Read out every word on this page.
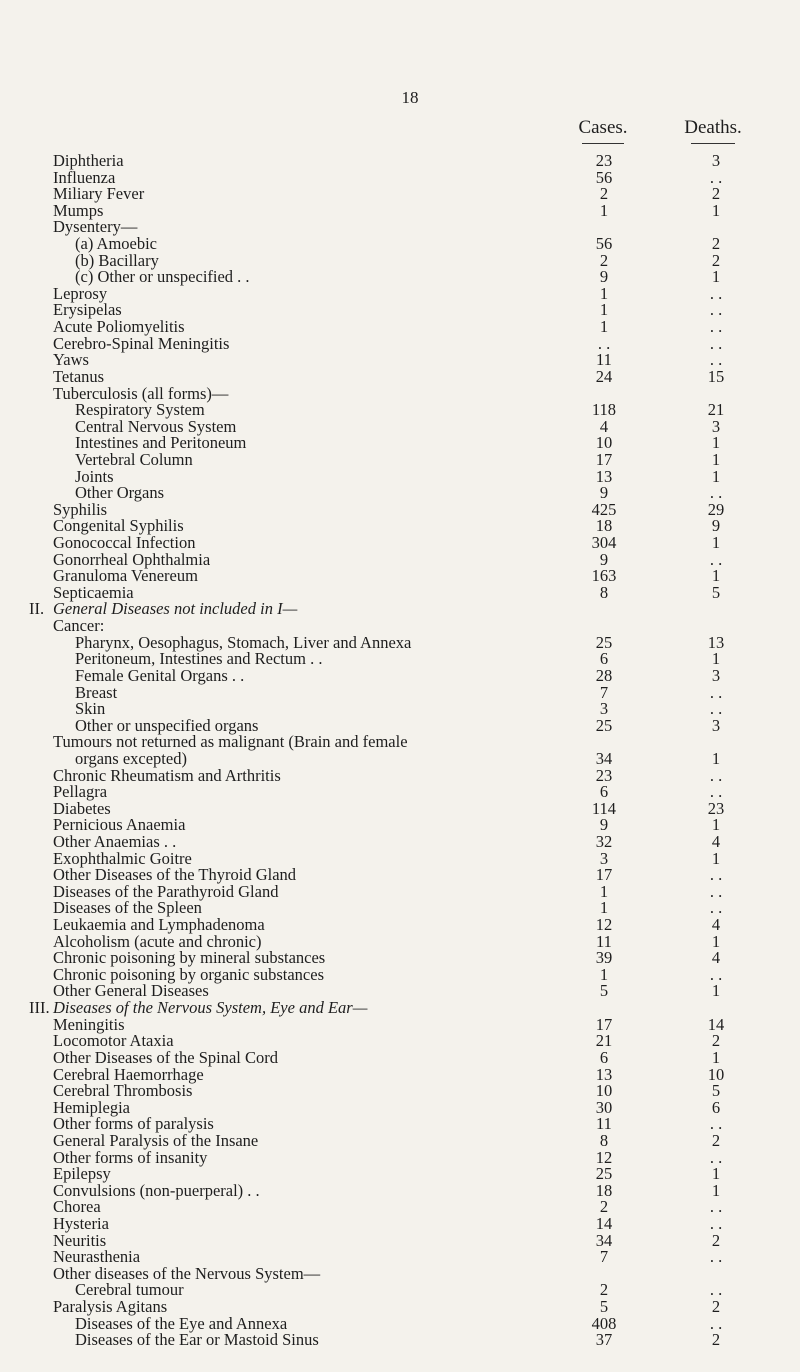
18
Cases.	Deaths.
Diphtheria	23	3
Influenza	56	. .
Miliary Fever	2	2
Mumps	1	1
Dysentery—
(a) Amoebic	56	2
(b) Bacillary	2	2
(c) Other or unspecified . .	9	1
Leprosy	1	. .
Erysipelas	1	. .
Acute Poliomyelitis	1	. .
Cerebro-Spinal Meningitis	. .	. .
Yaws	11	. .
Tetanus	24	15
Tuberculosis (all forms)—
Respiratory System	118	21
Central Nervous System	4	3
Intestines and Peritoneum	10	1
Vertebral Column	17	1
Joints	13	1
Other Organs	9	. .
Syphilis	425	29
Congenital Syphilis	18	9
Gonococcal Infection	304	1
Gonorrheal Ophthalmia	9	. .
Granuloma Venereum	163	1
Septicaemia	8	5
II. General Diseases not included in I—
Cancer:
Pharynx, Oesophagus, Stomach, Liver and Annexa	25	13
Peritoneum, Intestines and Rectum . .	6	1
Female Genital Organs . .	28	3
Breast	7	. .
Skin	3	. .
Other or unspecified organs	25	3
Tumours not returned as malignant (Brain and female
organs excepted)	34	1
Chronic Rheumatism and Arthritis	23	. .
Pellagra	6	. .
Diabetes	114	23
Pernicious Anaemia	9	1
Other Anaemias . .	32	4
Exophthalmic Goitre	3	1
Other Diseases of the Thyroid Gland	17	. .
Diseases of the Parathyroid Gland	1	. .
Diseases of the Spleen	1	. .
Leukaemia and Lymphadenoma	12	4
Alcoholism (acute and chronic)	11	1
Chronic poisoning by mineral substances	39	4
Chronic poisoning by organic substances	1	. .
Other General Diseases	5	1
III. Diseases of the Nervous System, Eye and Ear—
Meningitis	17	14
Locomotor Ataxia	21	2
Other Diseases of the Spinal Cord	6	1
Cerebral Haemorrhage	13	10
Cerebral Thrombosis	10	5
Hemiplegia	30	6
Other forms of paralysis	11	. .
General Paralysis of the Insane	8	2
Other forms of insanity	12	. .
Epilepsy	25	1
Convulsions (non-puerperal) . .	18	1
Chorea	2	. .
Hysteria	14	. .
Neuritis	34	2
Neurasthenia	7	. .
Other diseases of the Nervous System—
Cerebral tumour	2	. .
Paralysis Agitans	5	2
Diseases of the Eye and Annexa	408	. .
Diseases of the Ear or Mastoid Sinus	37	2
